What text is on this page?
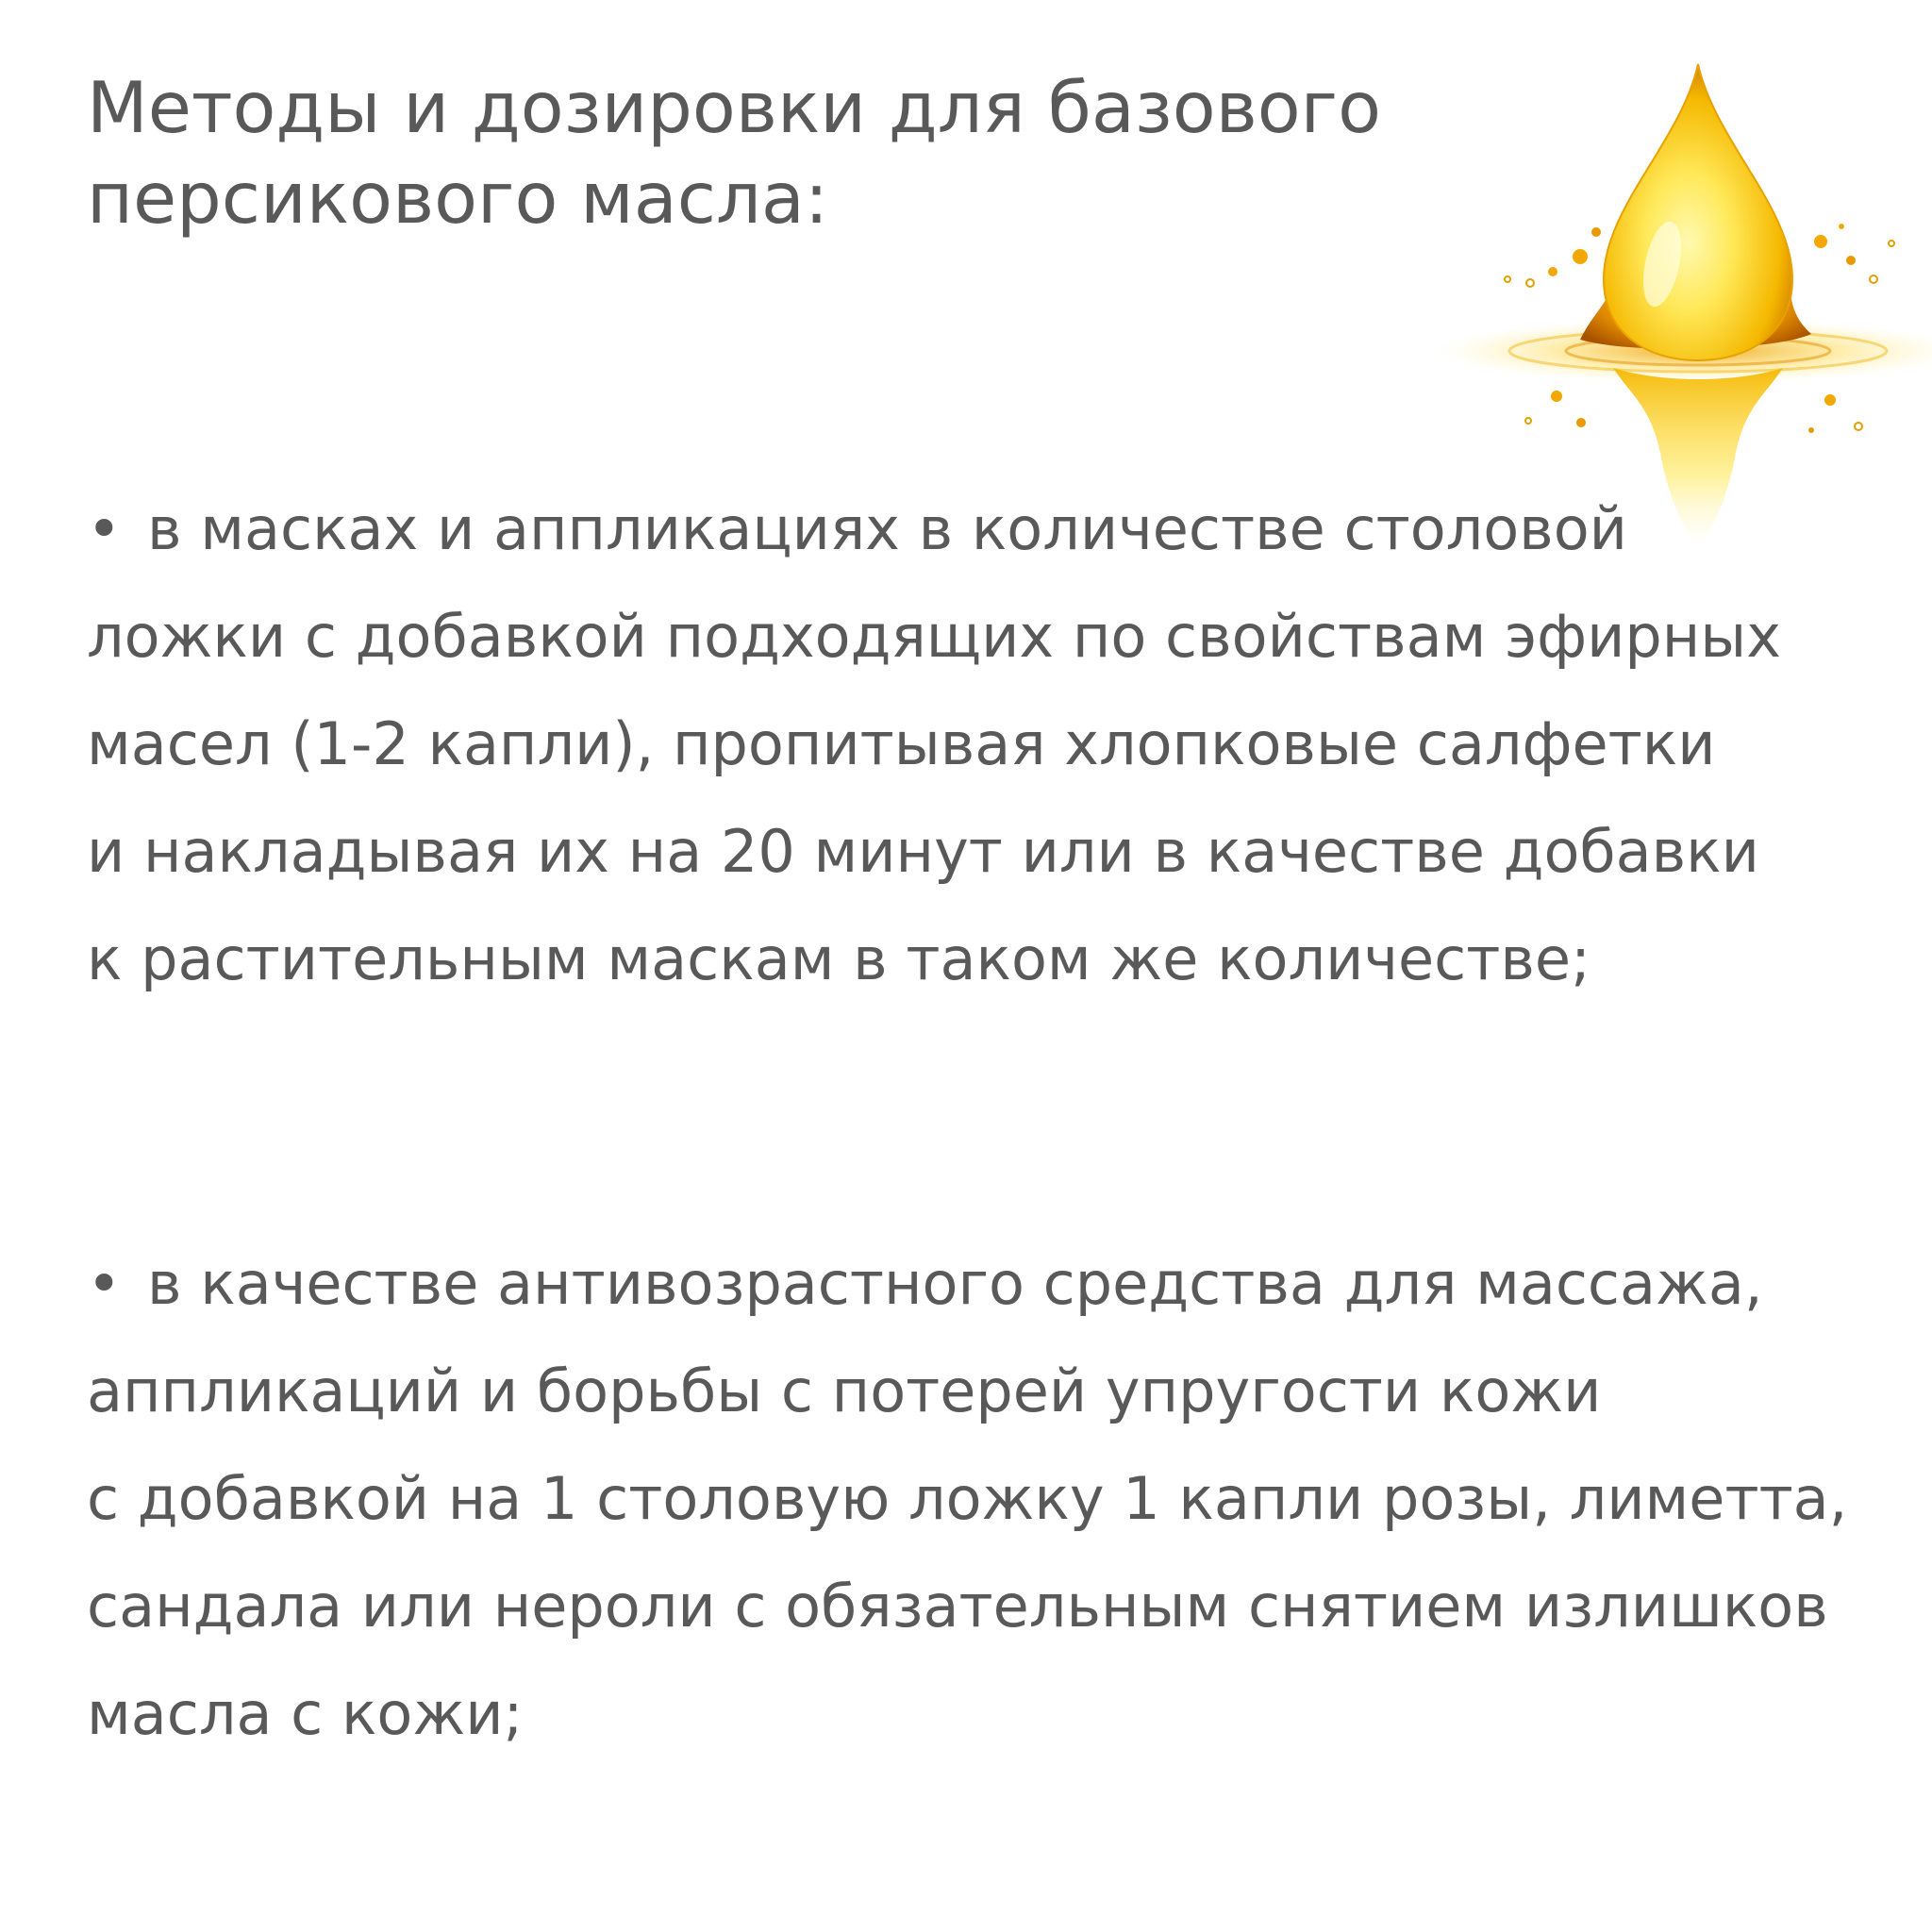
Методы и дозировки для базового персикового масла:
• в масках и аппликациях в количестве столовой
ложки с добавкой подходящих по свойствам эфирных
масел (1-2 капли), пропитывая хлопковые салфетки
и накладывая их на 20 минут или в качестве добавки
к растительным маскам в таком же количестве;
• в качестве антивозрастного средства для массажа,
аппликаций и борьбы с потерей упругости кожи
с добавкой на 1 столовую ложку 1 капли розы, лиметта,
сандала или нероли с обязательным снятием излишков
масла с кожи;
